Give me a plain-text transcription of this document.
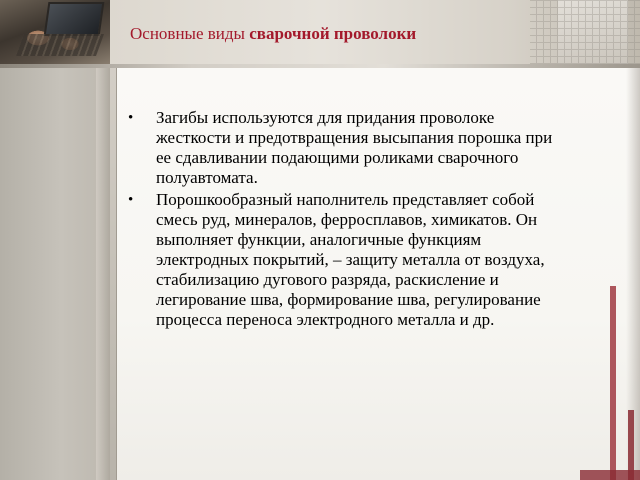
Основные виды сварочной проволоки
• Загибы используются для придания проволоке жесткости и предотвращения высыпания порошка при ее сдавливании подающими роликами сварочного полуавтомата.
• Порошкообразный наполнитель представляет собой смесь руд, минералов, ферросплавов, химикатов. Он выполняет функции, аналогичные функциям электродных покрытий, – защиту металла от воздуха, стабилизацию дугового разряда, раскисление и легирование шва, формирование шва, регулирование процесса переноса электродного металла и др.
